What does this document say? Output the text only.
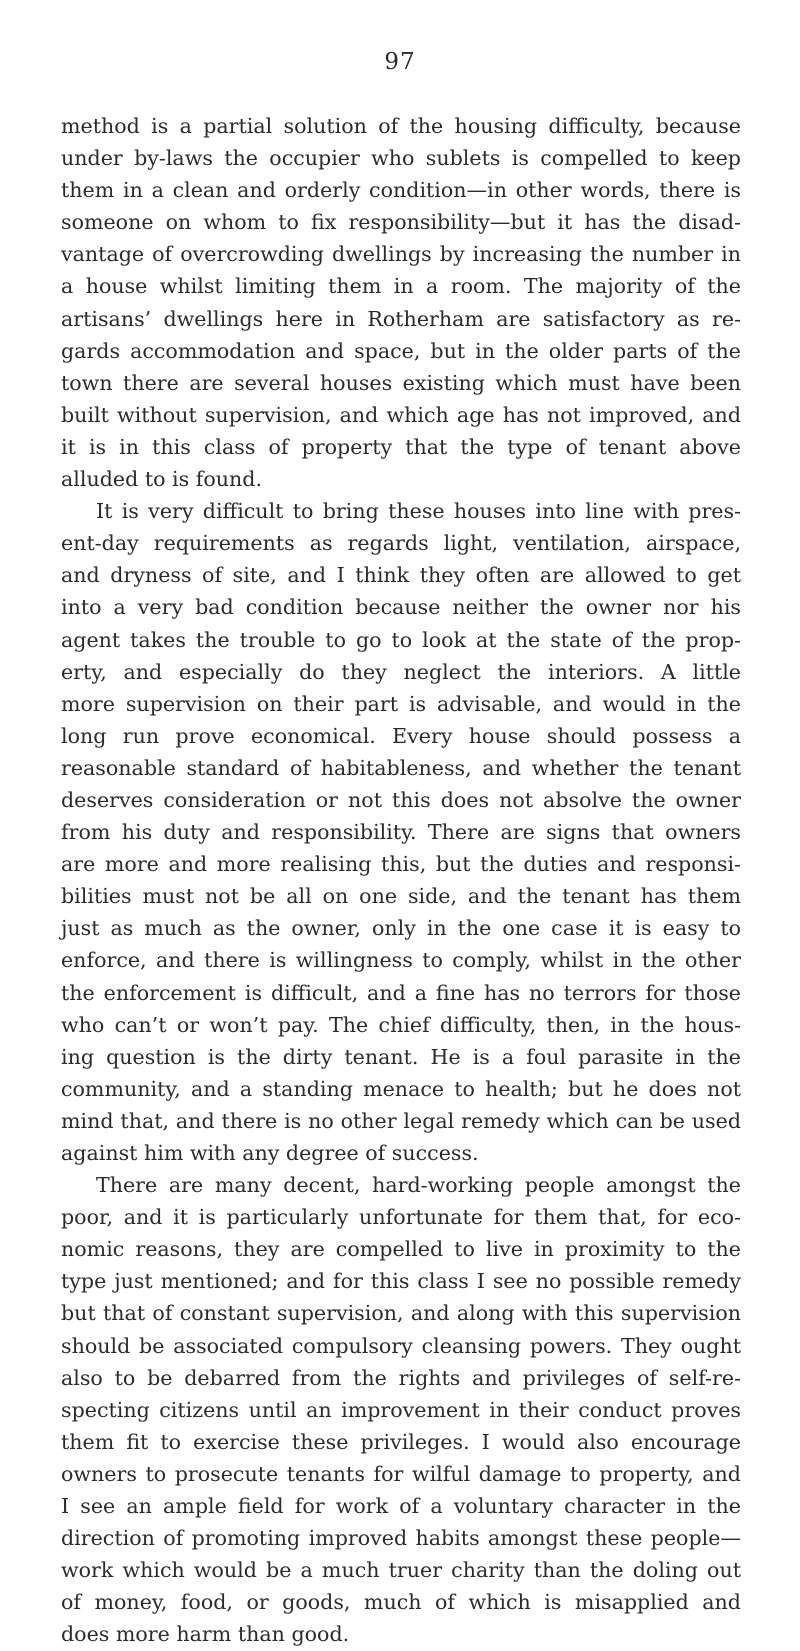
97
method is a partial solution of the housing difficulty, because
under by-laws the occupier who sublets is compelled to keep
them in a clean and orderly condition—in other words, there is
someone on whom to fix responsibility—but it has the disad-
vantage of overcrowding dwellings by increasing the number in
a house whilst limiting them in a room. The majority of the
artisans’ dwellings here in Rotherham are satisfactory as re-
gards accommodation and space, but in the older parts of the
town there are several houses existing which must have been
built without supervision, and which age has not improved, and
it is in this class of property that the type of tenant above
alluded to is found.
It is very difficult to bring these houses into line with pres-
ent-day requirements as regards light, ventilation, airspace,
and dryness of site, and I think they often are allowed to get
into a very bad condition because neither the owner nor his
agent takes the trouble to go to look at the state of the prop-
erty, and especially do they neglect the interiors. A little
more supervision on their part is advisable, and would in the
long run prove economical. Every house should possess a
reasonable standard of habitableness, and whether the tenant
deserves consideration or not this does not absolve the owner
from his duty and responsibility. There are signs that owners
are more and more realising this, but the duties and responsi-
bilities must not be all on one side, and the tenant has them
just as much as the owner, only in the one case it is easy to
enforce, and there is willingness to comply, whilst in the other
the enforcement is difficult, and a fine has no terrors for those
who can’t or won’t pay. The chief difficulty, then, in the hous-
ing question is the dirty tenant. He is a foul parasite in the
community, and a standing menace to health; but he does not
mind that, and there is no other legal remedy which can be used
against him with any degree of success.
There are many decent, hard-working people amongst the
poor, and it is particularly unfortunate for them that, for eco-
nomic reasons, they are compelled to live in proximity to the
type just mentioned; and for this class I see no possible remedy
but that of constant supervision, and along with this supervision
should be associated compulsory cleansing powers. They ought
also to be debarred from the rights and privileges of self-re-
specting citizens until an improvement in their conduct proves
them fit to exercise these privileges. I would also encourage
owners to prosecute tenants for wilful damage to property, and
I see an ample field for work of a voluntary character in the
direction of promoting improved habits amongst these people—
work which would be a much truer charity than the doling out
of money, food, or goods, much of which is misapplied and
does more harm than good.
